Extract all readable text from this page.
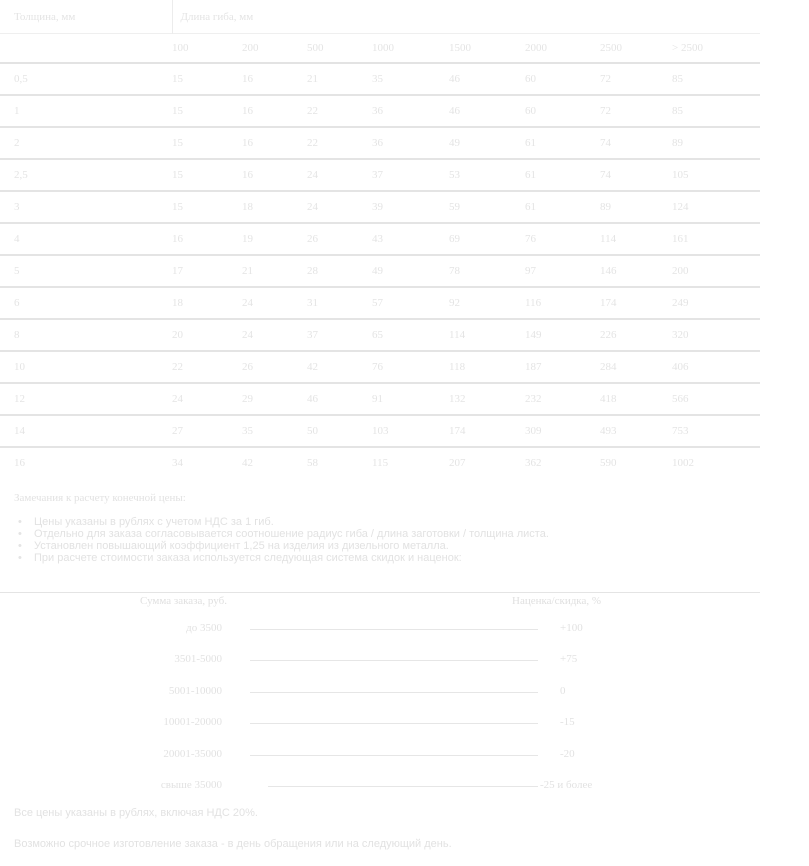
Толщина, мм	Длина гиба, мм							
	100	200	500	1000	1500	2000	2500	> 2500
0,5	15	16	21	35	46	60	72	85
1	15	16	22	36	46	60	72	85
2	15	16	22	36	49	61	74	89
2,5	15	16	24	37	53	61	74	105
3	15	18	24	39	59	61	89	124
4	16	19	26	43	69	76	114	161
5	17	21	28	49	78	97	146	200
6	18	24	31	57	92	116	174	249
8	20	24	37	65	114	149	226	320
10	22	26	42	76	118	187	284	406
12	24	29	46	91	132	232	418	566
14	27	35	50	103	174	309	493	753
16	34	42	58	115	207	362	590	1002
Замечания к расчету конечной цены:
• Цены указаны в рублях с учетом НДС за 1 гиб.
• Отдельно для заказа согласовывается соотношение радиус гиба / длина заготовки / толщина листа.
• Установлен повышающий коэффициент 1,25 на изделия из дизельного металла.
• При расчете стоимости заказа используется следующая система скидок и наценок:
Сумма заказа, руб.	Наценка/скидка, %
до 3500	+100
3501-5000	+75
5001-10000	0
10001-20000	-15
20001-35000	-20
свыше 35000	-25 и более
Все цены указаны в рублях, включая НДС 20%.
Возможно срочное изготовление заказа - в день обращения или на следующий день.
